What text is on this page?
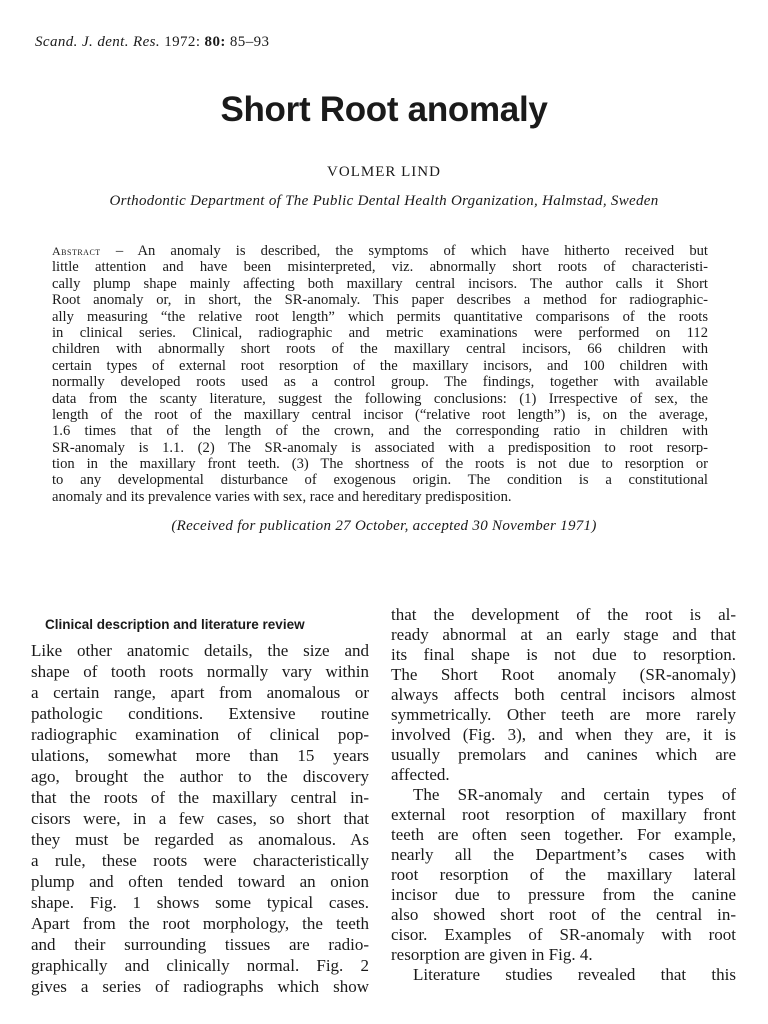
Scand. J. dent. Res. 1972: 80: 85–93
Short Root anomaly
VOLMER LIND
Orthodontic Department of The Public Dental Health Organization, Halmstad, Sweden
Abstract – An anomaly is described, the symptoms of which have hitherto received but
little attention and have been misinterpreted, viz. abnormally short roots of characteristi-
cally plump shape mainly affecting both maxillary central incisors. The author calls it Short
Root anomaly or, in short, the SR-anomaly. This paper describes a method for radiographic-
ally measuring “the relative root length” which permits quantitative comparisons of the roots
in clinical series. Clinical, radiographic and metric examinations were performed on 112
children with abnormally short roots of the maxillary central incisors, 66 children with
certain types of external root resorption of the maxillary incisors, and 100 children with
normally developed roots used as a control group. The findings, together with available
data from the scanty literature, suggest the following conclusions: (1) Irrespective of sex, the
length of the root of the maxillary central incisor (“relative root length”) is, on the average,
1.6 times that of the length of the crown, and the corresponding ratio in children with
SR-anomaly is 1.1. (2) The SR-anomaly is associated with a predisposition to root resorp-
tion in the maxillary front teeth. (3) The shortness of the roots is not due to resorption or
to any developmental disturbance of exogenous origin. The condition is a constitutional
anomaly and its prevalence varies with sex, race and hereditary predisposition.
(Received for publication 27 October, accepted 30 November 1971)
Clinical description and literature review
Like other anatomic details, the size and
shape of tooth roots normally vary within
a certain range, apart from anomalous or
pathologic conditions. Extensive routine
radiographic examination of clinical pop-
ulations, somewhat more than 15 years
ago, brought the author to the discovery
that the roots of the maxillary central in-
cisors were, in a few cases, so short that
they must be regarded as anomalous. As
a rule, these roots were characteristically
plump and often tended toward an onion
shape. Fig. 1 shows some typical cases.
Apart from the root morphology, the teeth
and their surrounding tissues are radio-
graphically and clinically normal. Fig. 2
gives a series of radiographs which show
that the development of the root is al-
ready abnormal at an early stage and that
its final shape is not due to resorption.
The Short Root anomaly (SR-anomaly)
always affects both central incisors almost
symmetrically. Other teeth are more rarely
involved (Fig. 3), and when they are, it is
usually premolars and canines which are
affected.
The SR-anomaly and certain types of
external root resorption of maxillary front
teeth are often seen together. For example,
nearly all the Department’s cases with
root resorption of the maxillary lateral
incisor due to pressure from the canine
also showed short root of the central in-
cisor. Examples of SR-anomaly with root
resorption are given in Fig. 4.
Literature studies revealed that this
